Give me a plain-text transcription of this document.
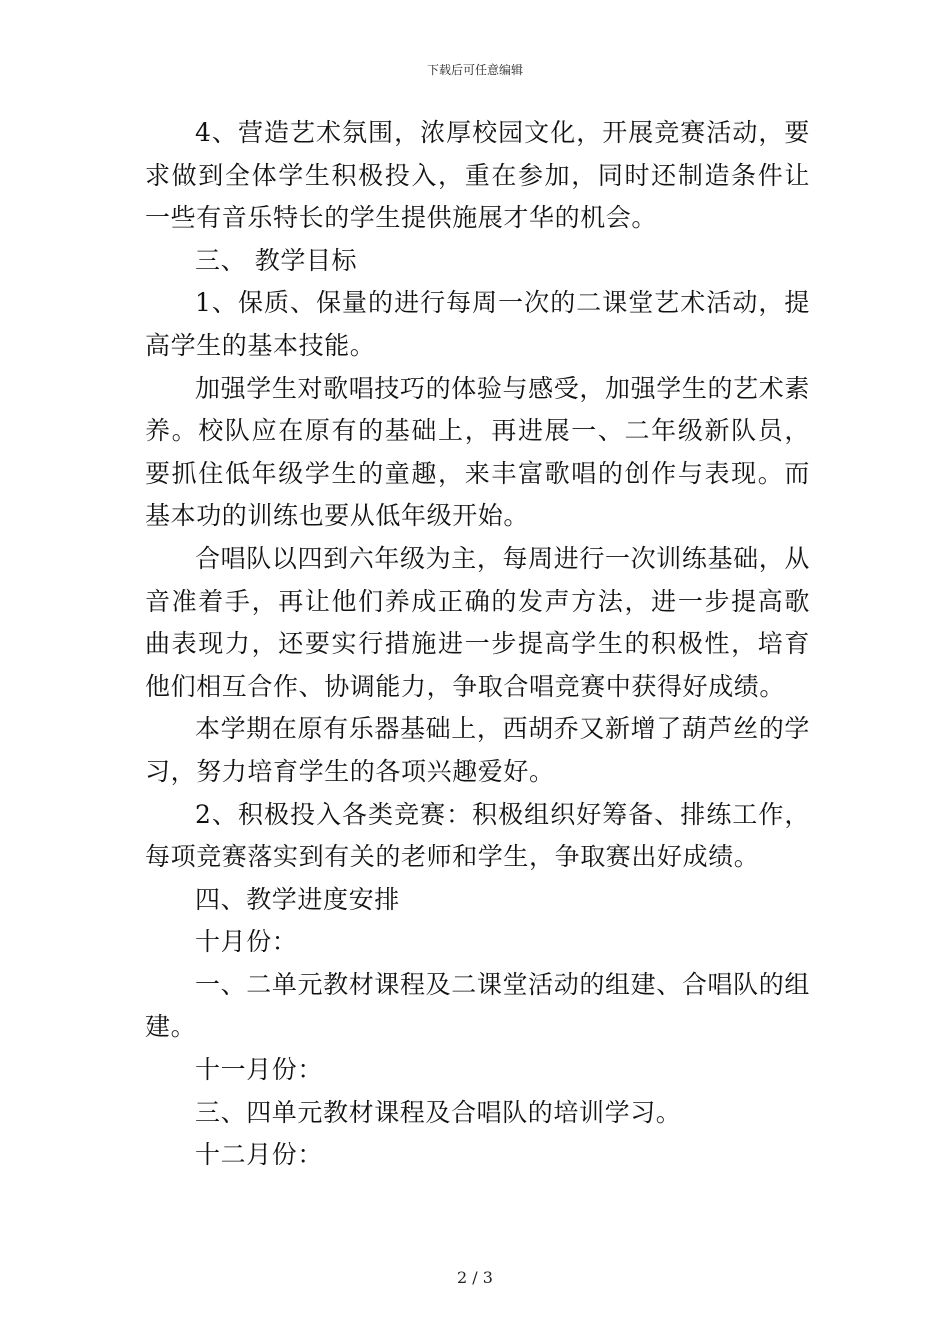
下载后可任意编辑

4、营造艺术氛围，浓厚校园文化，开展竞赛活动，要求做到全体学生积极投入，重在参加，同时还制造条件让一些有音乐特长的学生提供施展才华的机会。

三、 教学目标

1、保质、保量的进行每周一次的二课堂艺术活动，提高学生的基本技能。

加强学生对歌唱技巧的体验与感受，加强学生的艺术素养。校队应在原有的基础上，再进展一、二年级新队员，要抓住低年级学生的童趣，来丰富歌唱的创作与表现。而基本功的训练也要从低年级开始。

合唱队以四到六年级为主，每周进行一次训练基础，从音准着手，再让他们养成正确的发声方法，进一步提高歌曲表现力，还要实行措施进一步提高学生的积极性，培育他们相互合作、协调能力，争取合唱竞赛中获得好成绩。

本学期在原有乐器基础上，西胡乔又新增了葫芦丝的学习，努力培育学生的各项兴趣爱好。

2、积极投入各类竞赛：积极组织好筹备、排练工作，每项竞赛落实到有关的老师和学生，争取赛出好成绩。

四、教学进度安排

十月份：

一、二单元教材课程及二课堂活动的组建、合唱队的组建。

十一月份：

三、四单元教材课程及合唱队的培训学习。

十二月份：

2 / 3
